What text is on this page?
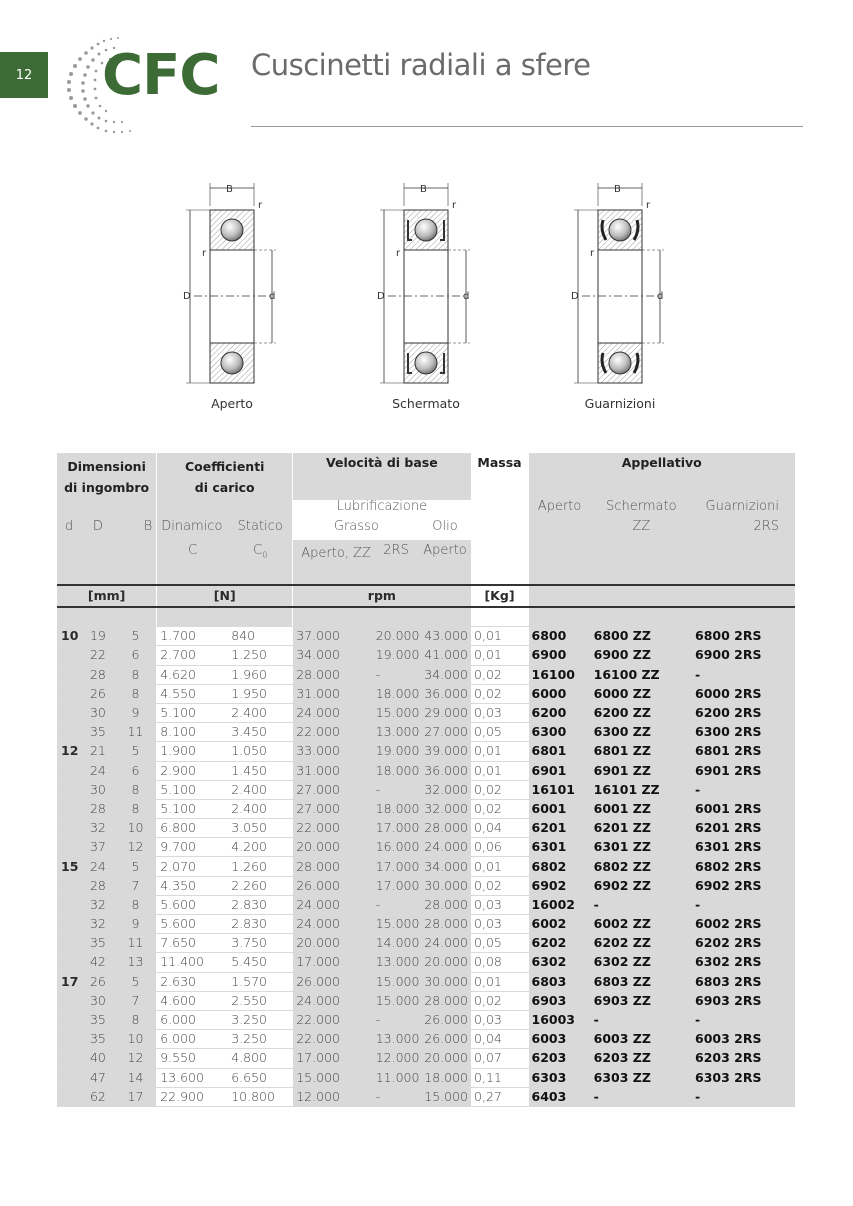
12 CFC Cuscinetti radiali a sfere
B
r
r
D	d
B
r
r
D	d
B
r
r
D	d
Aperto	Schermato	Guarnizioni
Dimensioni di ingombro			Coefficienti di carico		Velocità di base			Massa	Appellativo		
					Lubrificazione				Aperto	Schermato	Guarnizioni
d	D	B	Dinamico	Statico	Grasso		Olio			ZZ	2RS
			C	$C_0$	Aperto, ZZ	2RS	Aperto				
[mm]			[N]		rpm			[Kg]			

10	19	5	1.700	840	37.000	20.000	43.000	0,01	6800	6800 ZZ	6800 2RS
	22	6	2.700	1.250	34.000	19.000	41.000	0,01	6900	6900 ZZ	6900 2RS
	28	8	4.620	1.960	28.000	-	34.000	0,02	16100	16100 ZZ	-
	26	8	4.550	1.950	31.000	18.000	36.000	0,02	6000	6000 ZZ	6000 2RS
	30	9	5.100	2.400	24.000	15.000	29.000	0,03	6200	6200 ZZ	6200 2RS
	35	11	8.100	3.450	22.000	13.000	27.000	0,05	6300	6300 ZZ	6300 2RS
12	21	5	1.900	1.050	33.000	19.000	39.000	0,01	6801	6801 ZZ	6801 2RS
	24	6	2.900	1.450	31.000	18.000	36.000	0,01	6901	6901 ZZ	6901 2RS
	30	8	5.100	2.400	27.000	-	32.000	0,02	16101	16101 ZZ	-
	28	8	5.100	2.400	27.000	18.000	32.000	0,02	6001	6001 ZZ	6001 2RS
	32	10	6.800	3.050	22.000	17.000	28.000	0,04	6201	6201 ZZ	6201 2RS
	37	12	9.700	4.200	20.000	16.000	24.000	0,06	6301	6301 ZZ	6301 2RS
15	24	5	2.070	1.260	28.000	17.000	34.000	0,01	6802	6802 ZZ	6802 2RS
	28	7	4.350	2.260	26.000	17.000	30.000	0,02	6902	6902 ZZ	6902 2RS
	32	8	5.600	2.830	24.000	-	28.000	0,03	16002	-	-
	32	9	5.600	2.830	24.000	15.000	28.000	0,03	6002	6002 ZZ	6002 2RS
	35	11	7.650	3.750	20.000	14.000	24.000	0,05	6202	6202 ZZ	6202 2RS
	42	13	11.400	5.450	17.000	13.000	20.000	0,08	6302	6302 ZZ	6302 2RS
17	26	5	2.630	1.570	26.000	15.000	30.000	0,01	6803	6803 ZZ	6803 2RS
	30	7	4.600	2.550	24.000	15.000	28.000	0,02	6903	6903 ZZ	6903 2RS
	35	8	6.000	3.250	22.000	-	26.000	0,03	16003	-	-
	35	10	6.000	3.250	22.000	13.000	26.000	0,04	6003	6003 ZZ	6003 2RS
	40	12	9.550	4.800	17.000	12.000	20.000	0,07	6203	6203 ZZ	6203 2RS
	47	14	13.600	6.650	15.000	11.000	18.000	0,11	6303	6303 ZZ	6303 2RS
	62	17	22.900	10.800	12.000	-	15.000	0,27	6403	-	-
